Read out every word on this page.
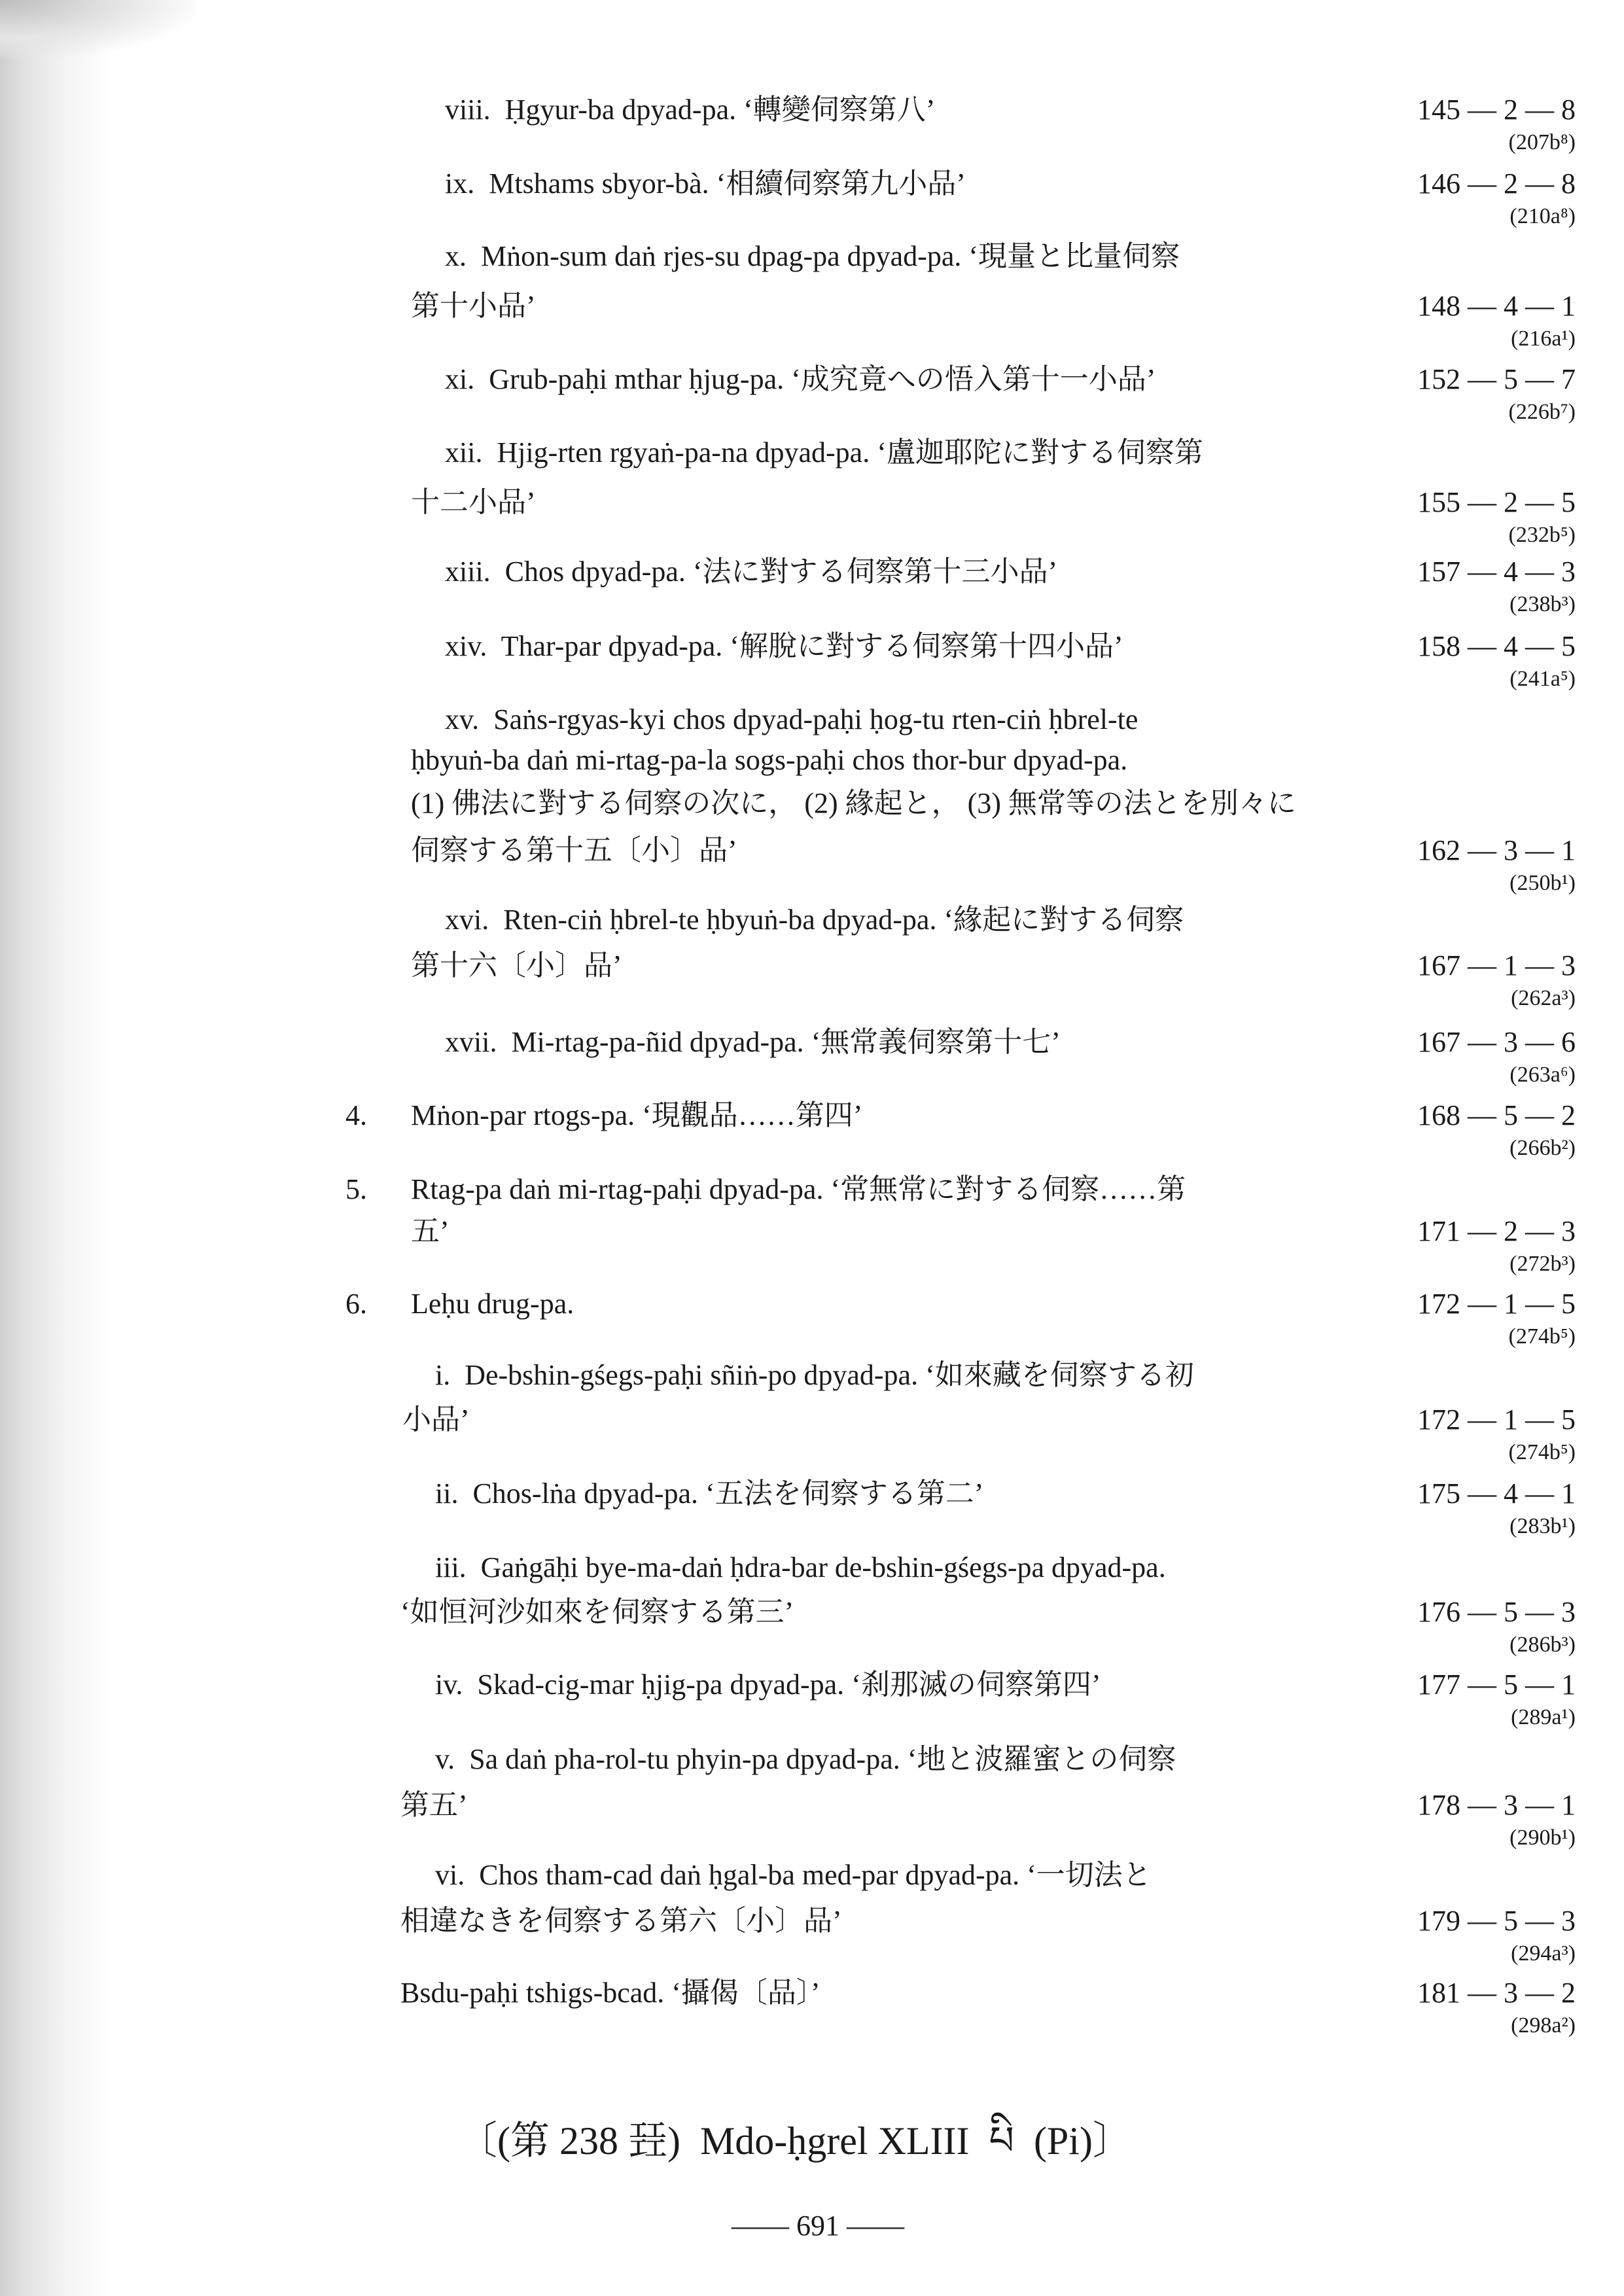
viii.  Ḥgyur-ba dpyad-pa. ‘轉變伺察第八’	145 — 2 — 8
(207b⁸)
ix.  Mtshams sbyor-bà. ‘相續伺察第九小品’	146 — 2 — 8
(210a⁸)
x.  Mṅon-sum daṅ rjes-su dpag-pa dpyad-pa. ‘現量と比量伺察
第十小品’	148 — 4 — 1
(216a¹)
xi.  Grub-paḥi mthar ḥjug-pa. ‘成究竟への悟入第十一小品’	152 — 5 — 7
(226b⁷)
xii.  Hjig-rten rgyaṅ-pa-na dpyad-pa. ‘盧迦耶陀に對する伺察第
十二小品’	155 — 2 — 5
(232b⁵)
xiii.  Chos dpyad-pa. ‘法に對する伺察第十三小品’	157 — 4 — 3
(238b³)
xiv.  Thar-par dpyad-pa. ‘解脫に對する伺察第十四小品’	158 — 4 — 5
(241a⁵)
xv.  Saṅs-rgyas-kyi chos dpyad-paḥi ḥog-tu rten-ciṅ ḥbrel-te
ḥbyuṅ-ba daṅ mi-rtag-pa-la sogs-paḥi chos thor-bur dpyad-pa.
(1) 佛法に對する伺察の次に， (2) 緣起と， (3) 無常等の法とを別々に
伺察する第十五〔小〕品’	162 — 3 — 1
(250b¹)
xvi.  Rten-ciṅ ḥbrel-te ḥbyuṅ-ba dpyad-pa. ‘緣起に對する伺察
第十六〔小〕品’	167 — 1 — 3
(262a³)
xvii.  Mi-rtag-pa-ñid dpyad-pa. ‘無常義伺察第十七’	167 — 3 — 6
(263a⁶)
4. Mṅon-par rtogs-pa. ‘現觀品……第四’	168 — 5 — 2
(266b²)
5. Rtag-pa daṅ mi-rtag-paḥi dpyad-pa. ‘常無常に對する伺察……第
五’	171 — 2 — 3
(272b³)
6. Leḥu drug-pa.	172 — 1 — 5
(274b⁵)
i.  De-bshin-gśegs-paḥi sñiṅ-po dpyad-pa. ‘如來藏を伺察する初
小品’	172 — 1 — 5
(274b⁵)
ii.  Chos-lṅa dpyad-pa. ‘五法を伺察する第二’	175 — 4 — 1
(283b¹)
iii.  Gaṅgāḥi bye-ma-daṅ ḥdra-bar de-bshin-gśegs-pa dpyad-pa.
‘如恒河沙如來を伺察する第三’	176 — 5 — 3
(286b³)
iv.  Skad-cig-mar ḥjig-pa dpyad-pa. ‘刹那滅の伺察第四’	177 — 5 — 1
(289a¹)
v.  Sa daṅ pha-rol-tu phyin-pa dpyad-pa. ‘地と波羅蜜との伺察
第五’	178 — 3 — 1
(290b¹)
vi.  Chos tham-cad daṅ ḥgal-ba med-par dpyad-pa. ‘一切法と
相違なきを伺察する第六〔小〕品’	179 — 5 — 3
(294a³)
Bsdu-paḥi tshigs-bcad. ‘攝偈〔品〕’	181 — 3 — 2
(298a²)
〔(第 238 㠭)  Mdo-ḥgrel XLIII  པི  (Pi)〕
—— 691 ——
